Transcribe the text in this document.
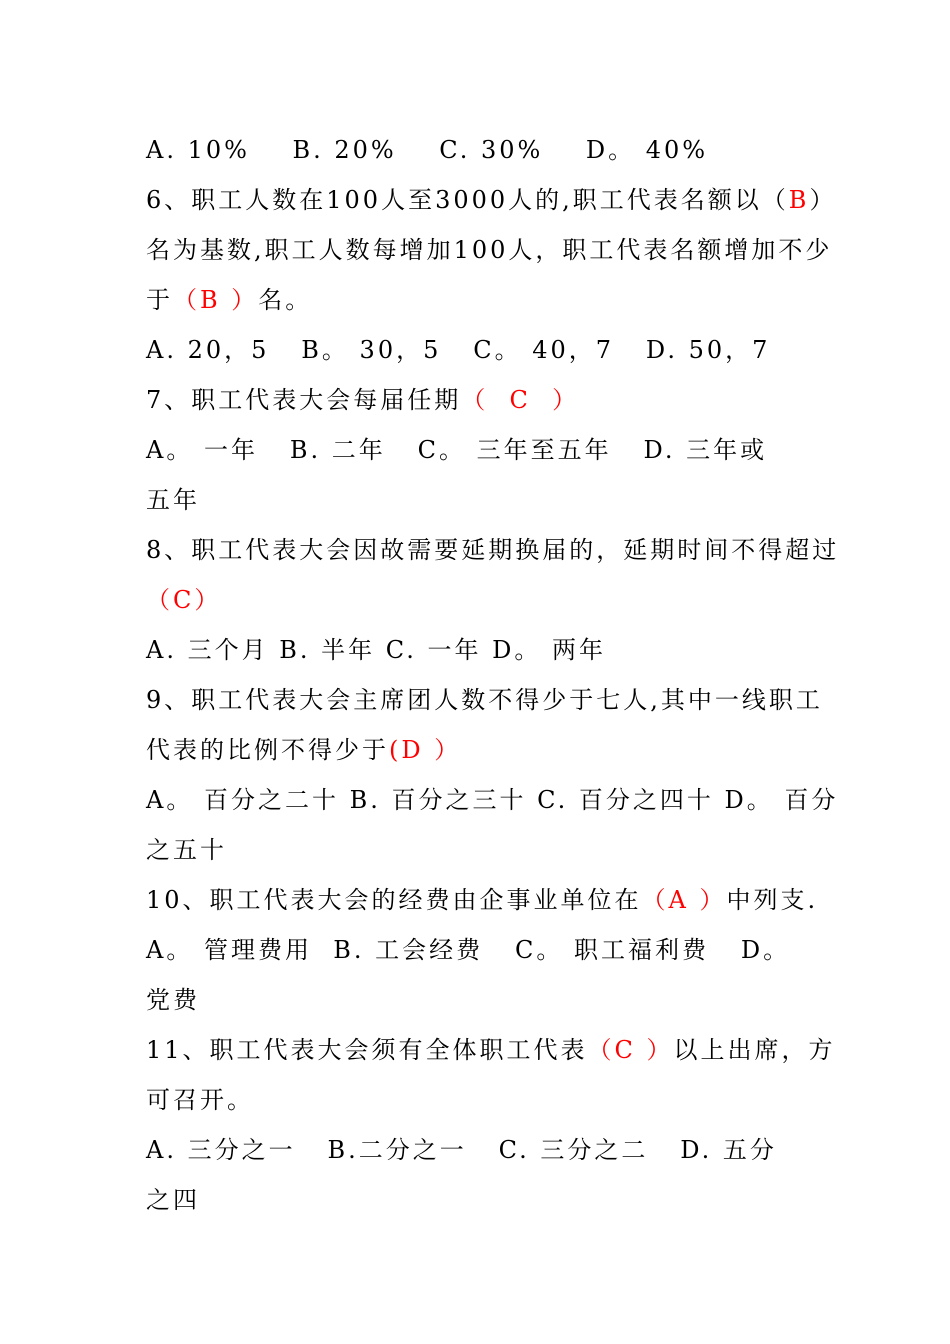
A. 10%    B. 20%    C. 30%    D。 40%
6、职工人数在100人至3000人的,职工代表名额以（B）
名为基数,职工人数每增加100人，职工代表名额增加不少
于（B ）名。
A. 20，5   B。 30，5   C。 40，7   D. 50，7
7、职工代表大会每届任期（  C  ）
A。 一年   B. 二年   C。 三年至五年   D. 三年或
五年
8、职工代表大会因故需要延期换届的，延期时间不得超过
（C）
A. 三个月 B. 半年 C. 一年 D。 两年
9、职工代表大会主席团人数不得少于七人,其中一线职工
代表的比例不得少于(D ）
A。 百分之二十 B. 百分之三十 C. 百分之四十 D。 百分
之五十
10、职工代表大会的经费由企事业单位在（A ）中列支.
A。 管理费用  B. 工会经费   C。 职工福利费   D。
党费
11、职工代表大会须有全体职工代表（C ）以上出席，方
可召开。
A. 三分之一   B.二分之一   C. 三分之二   D. 五分
之四
